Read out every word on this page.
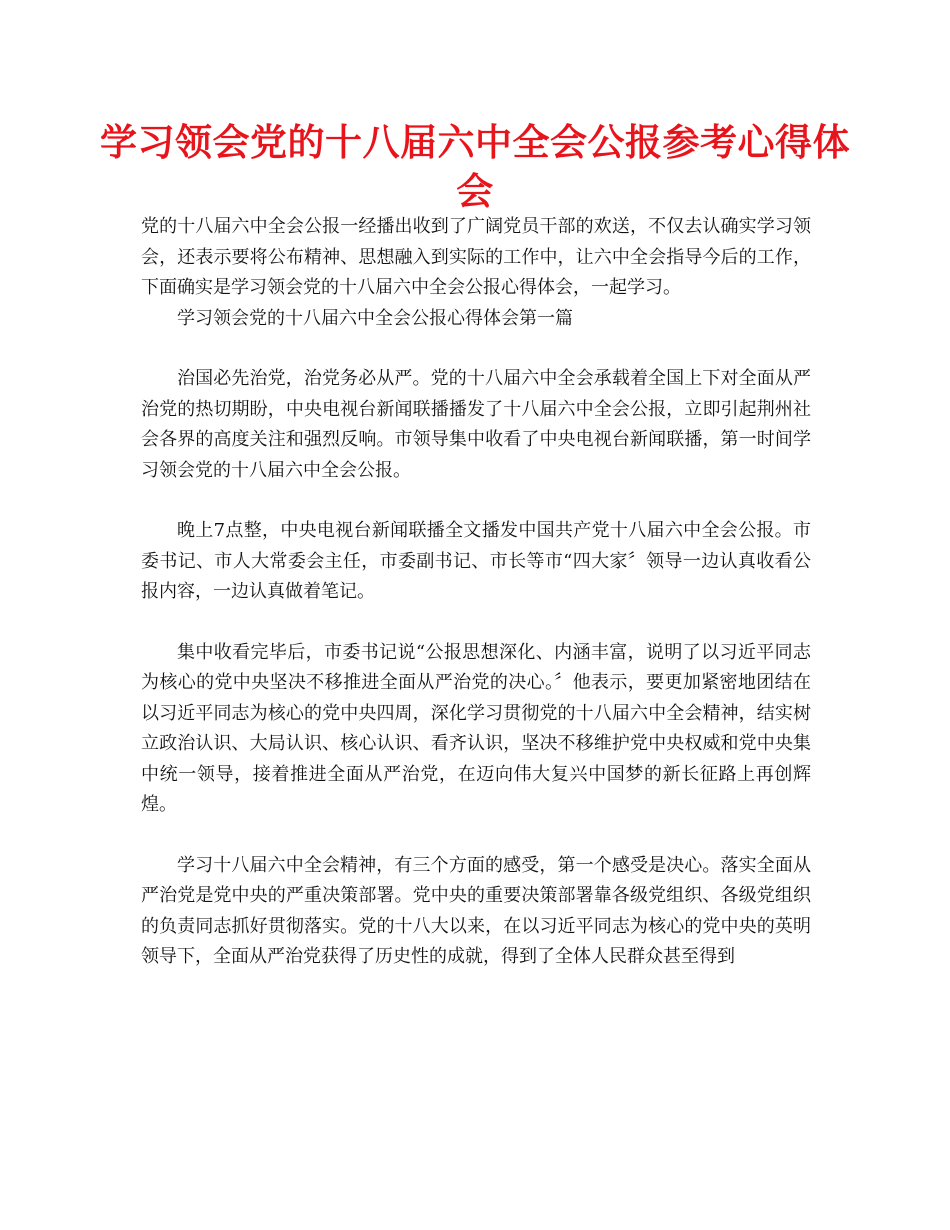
学习领会党的十八届六中全会公报参考心得体会

党的十八届六中全会公报一经播出收到了广阔党员干部的欢送，不仅去认确实学习领会，还表示要将公布精神、思想融入到实际的工作中，让六中全会指导今后的工作，下面确实是学习领会党的十八届六中全会公报心得体会，一起学习。

学习领会党的十八届六中全会公报心得体会第一篇

治国必先治党，治党务必从严。党的十八届六中全会承载着全国上下对全面从严治党的热切期盼，中央电视台新闻联播播发了十八届六中全会公报，立即引起荆州社会各界的高度关注和强烈反响。市领导集中收看了中央电视台新闻联播，第一时间学习领会党的十八届六中全会公报。

晚上7点整，中央电视台新闻联播全文播发中国共产党十八届六中全会公报。市委书记、市人大常委会主任，市委副书记、市长等市“四大家〞领导一边认真收看公报内容，一边认真做着笔记。

集中收看完毕后，市委书记说“公报思想深化、内涵丰富，说明了以习近平同志为核心的党中央坚决不移推进全面从严治党的决心。〞他表示，要更加紧密地团结在以习近平同志为核心的党中央四周，深化学习贯彻党的十八届六中全会精神，结实树立政治认识、大局认识、核心认识、看齐认识，坚决不移维护党中央权威和党中央集中统一领导，接着推进全面从严治党，在迈向伟大复兴中国梦的新长征路上再创辉煌。

学习十八届六中全会精神，有三个方面的感受，第一个感受是决心。落实全面从严治党是党中央的严重决策部署。党中央的重要决策部署靠各级党组织、各级党组织的负责同志抓好贯彻落实。党的十八大以来，在以习近平同志为核心的党中央的英明领导下，全面从严治党获得了历史性的成就，得到了全体人民群众甚至得到
